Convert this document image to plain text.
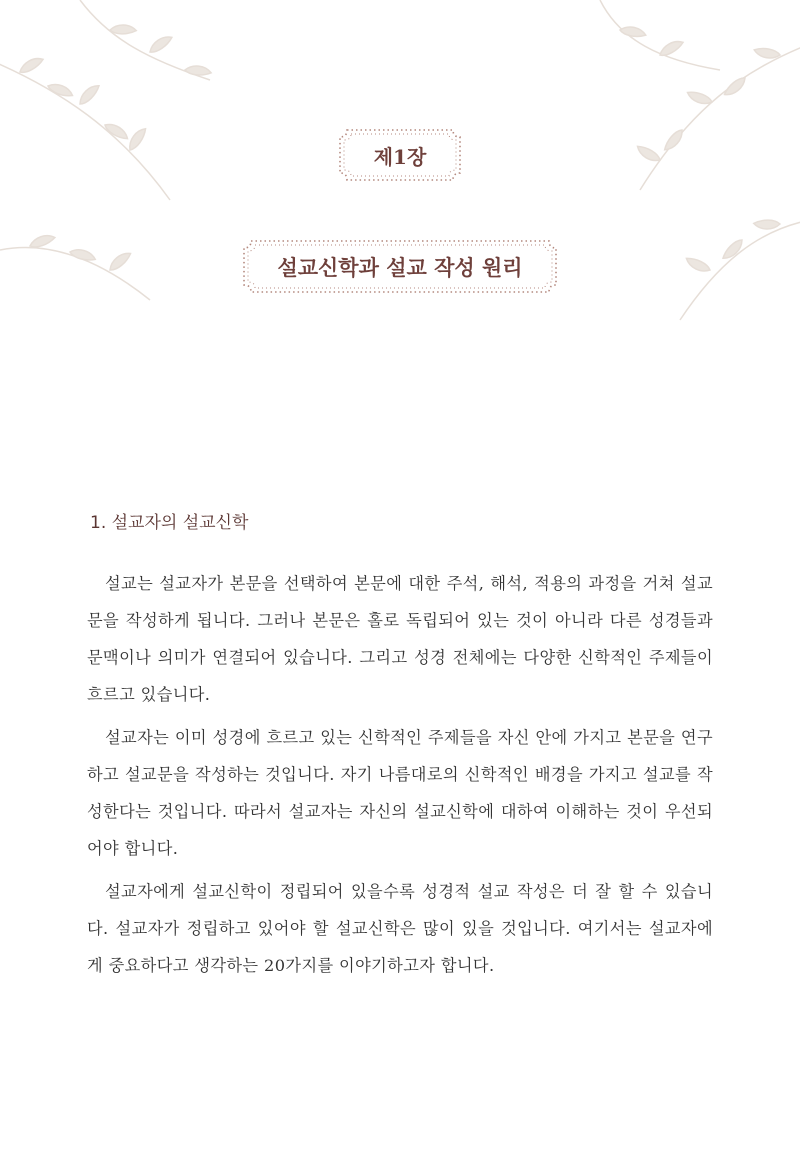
제1장
설교신학과 설교 작성 원리
1. 설교자의 설교신학

설교는 설교자가 본문을 선택하여 본문에 대한 주석, 해석, 적용의 과정을 거쳐 설교문을 작성하게 됩니다. 그러나 본문은 홀로 독립되어 있는 것이 아니라 다른 성경들과 문맥이나 의미가 연결되어 있습니다. 그리고 성경 전체에는 다양한 신학적인 주제들이 흐르고 있습니다.

설교자는 이미 성경에 흐르고 있는 신학적인 주제들을 자신 안에 가지고 본문을 연구하고 설교문을 작성하는 것입니다. 자기 나름대로의 신학적인 배경을 가지고 설교를 작성한다는 것입니다. 따라서 설교자는 자신의 설교신학에 대하여 이해하는 것이 우선되어야 합니다.

설교자에게 설교신학이 정립되어 있을수록 성경적 설교 작성은 더 잘 할 수 있습니다. 설교자가 정립하고 있어야 할 설교신학은 많이 있을 것입니다. 여기서는 설교자에게 중요하다고 생각하는 20가지를 이야기하고자 합니다.
